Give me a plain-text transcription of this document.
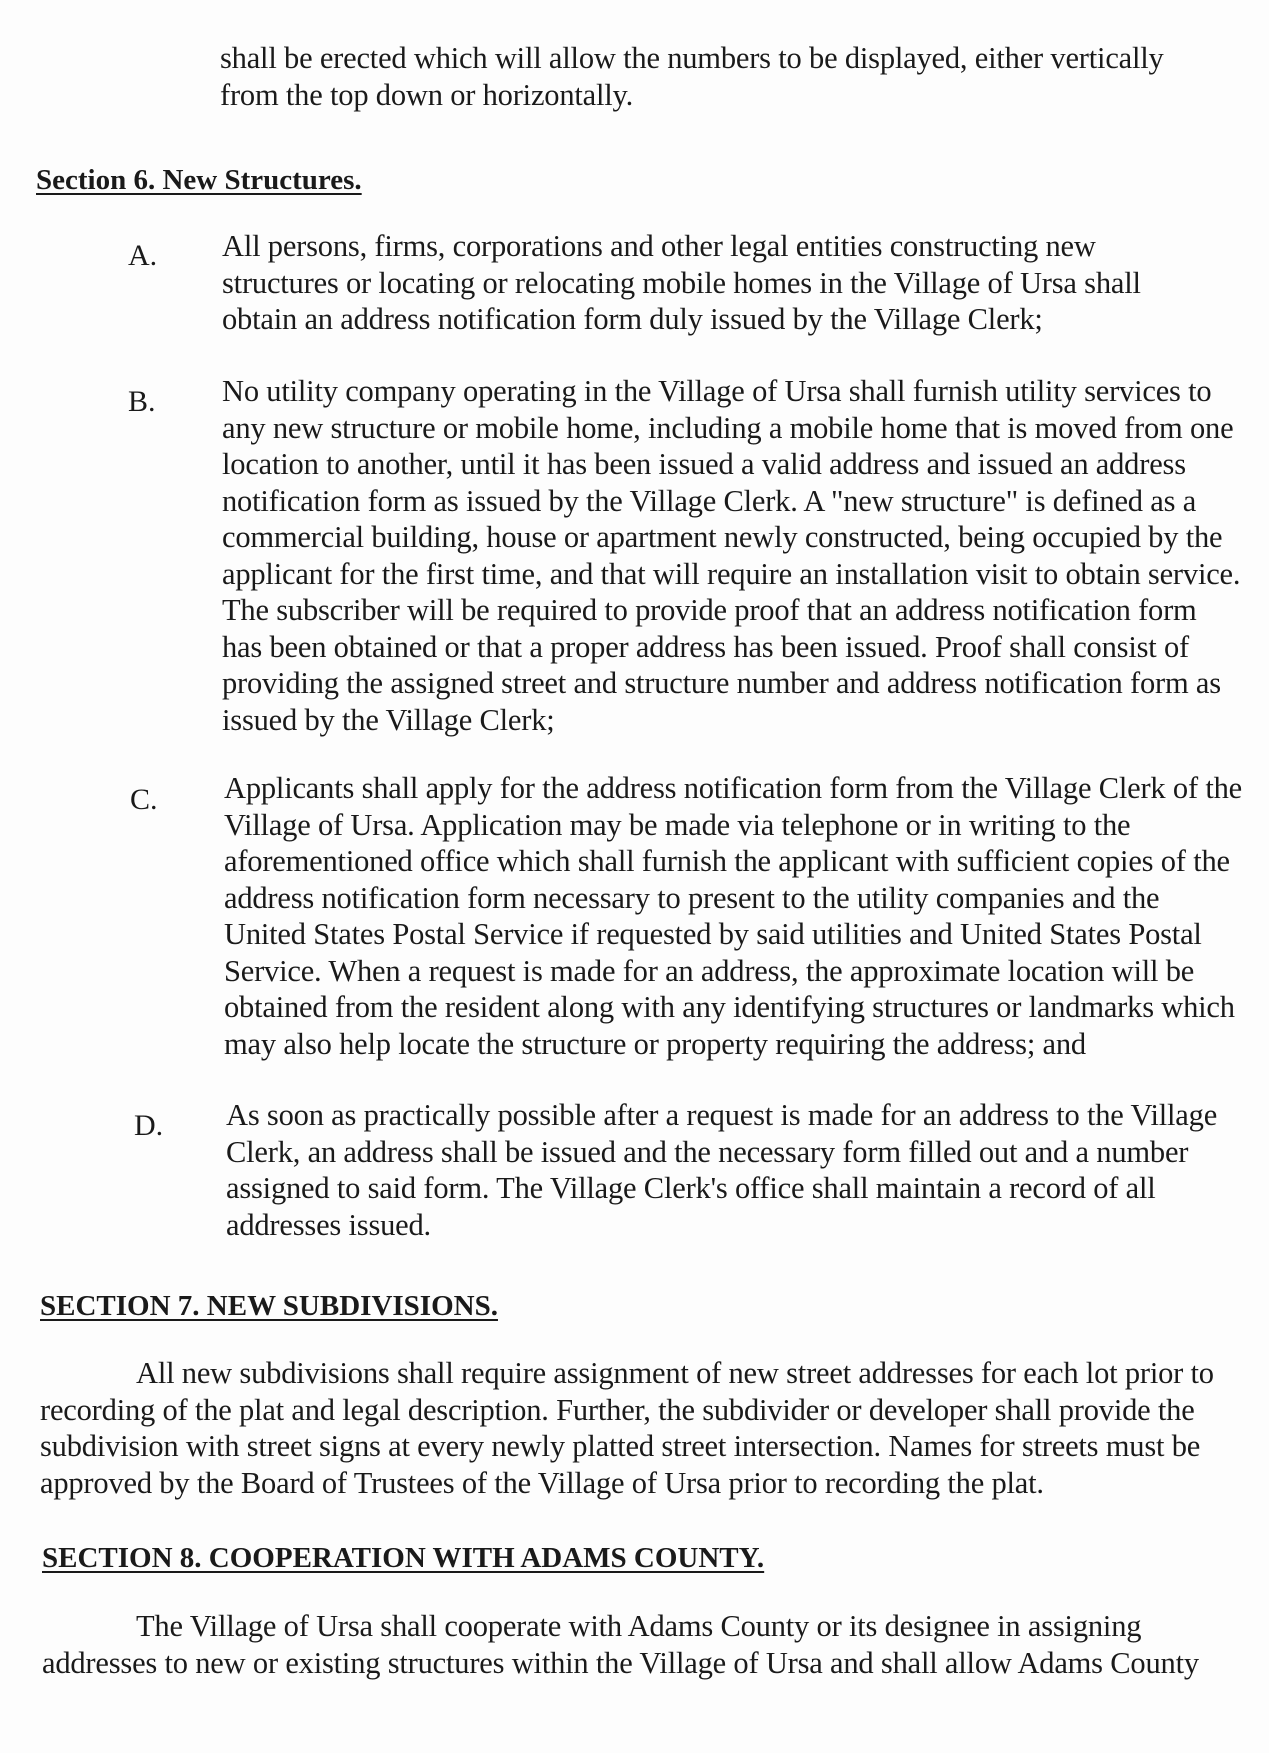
shall be erected which will allow the numbers to be displayed, either vertically from the top down or horizontally.
Section 6. New Structures.
A. All persons, firms, corporations and other legal entities constructing new structures or locating or relocating mobile homes in the Village of Ursa shall obtain an address notification form duly issued by the Village Clerk;
B. No utility company operating in the Village of Ursa shall furnish utility services to any new structure or mobile home, including a mobile home that is moved from one location to another, until it has been issued a valid address and issued an address notification form as issued by the Village Clerk. A "new structure" is defined as a commercial building, house or apartment newly constructed, being occupied by the applicant for the first time, and that will require an installation visit to obtain service. The subscriber will be required to provide proof that an address notification form has been obtained or that a proper address has been issued. Proof shall consist of providing the assigned street and structure number and address notification form as issued by the Village Clerk;
C. Applicants shall apply for the address notification form from the Village Clerk of the Village of Ursa. Application may be made via telephone or in writing to the aforementioned office which shall furnish the applicant with sufficient copies of the address notification form necessary to present to the utility companies and the United States Postal Service if requested by said utilities and United States Postal Service. When a request is made for an address, the approximate location will be obtained from the resident along with any identifying structures or landmarks which may also help locate the structure or property requiring the address; and
D. As soon as practically possible after a request is made for an address to the Village Clerk, an address shall be issued and the necessary form filled out and a number assigned to said form. The Village Clerk's office shall maintain a record of all addresses issued.
SECTION 7. NEW SUBDIVISIONS.
All new subdivisions shall require assignment of new street addresses for each lot prior to recording of the plat and legal description. Further, the subdivider or developer shall provide the subdivision with street signs at every newly platted street intersection. Names for streets must be approved by the Board of Trustees of the Village of Ursa prior to recording the plat.
SECTION 8. COOPERATION WITH ADAMS COUNTY.
The Village of Ursa shall cooperate with Adams County or its designee in assigning addresses to new or existing structures within the Village of Ursa and shall allow Adams County
